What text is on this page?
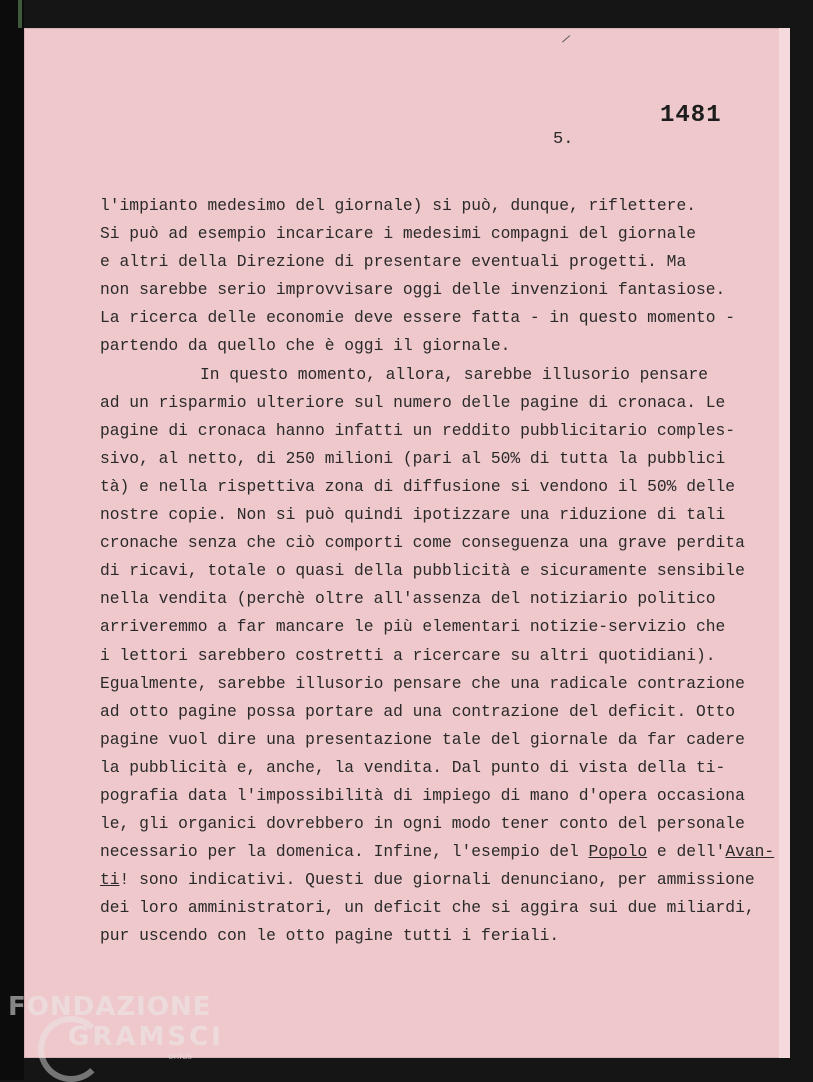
/
1481
5.
l'impianto medesimo del giornale) si può, dunque, riflettere.
Si può ad esempio incaricare i medesimi compagni del giornale
e altri della Direzione di presentare eventuali progetti. Ma
non sarebbe serio improvvisare oggi delle invenzioni fantasiose.
La ricerca delle economie deve essere fatta - in questo momento -
partendo da quello che è oggi il giornale.
In questo momento, allora, sarebbe illusorio pensare
ad un risparmio ulteriore sul numero delle pagine di cronaca. Le
pagine di cronaca hanno infatti un reddito pubblicitario comples-
sivo, al netto, di 250 milioni (pari al 50% di tutta la pubblici
tà) e nella rispettiva zona di diffusione si vendono il 50% delle
nostre copie. Non si può quindi ipotizzare una riduzione di tali
cronache senza che ciò comporti come conseguenza una grave perdita
di ricavi, totale o quasi della pubblicità e sicuramente sensibile
nella vendita (perchè oltre all'assenza del notiziario politico
arriveremmo a far mancare le più elementari notizie-servizio che
i lettori sarebbero costretti a ricercare su altri quotidiani).
Egualmente, sarebbe illusorio pensare che una radicale contrazione
ad otto pagine possa portare ad una contrazione del deficit. Otto
pagine vuol dire una presentazione tale del giornale da far cadere
la pubblicità e, anche, la vendita. Dal punto di vista della ti-
pografia data l'impossibilità di impiego di mano d'opera occasiona
le, gli organici dovrebbero in ogni modo tener conto del personale
necessario per la domenica. Infine, l'esempio del Popolo e dell'Avan-
ti! sono indicativi. Questi due giornali denunciano, per ammissione
dei loro amministratori, un deficit che si aggira sui due miliardi,
pur uscendo con le otto pagine tutti i feriali.
FONDAZIONE
GRAMSCI
onlus
